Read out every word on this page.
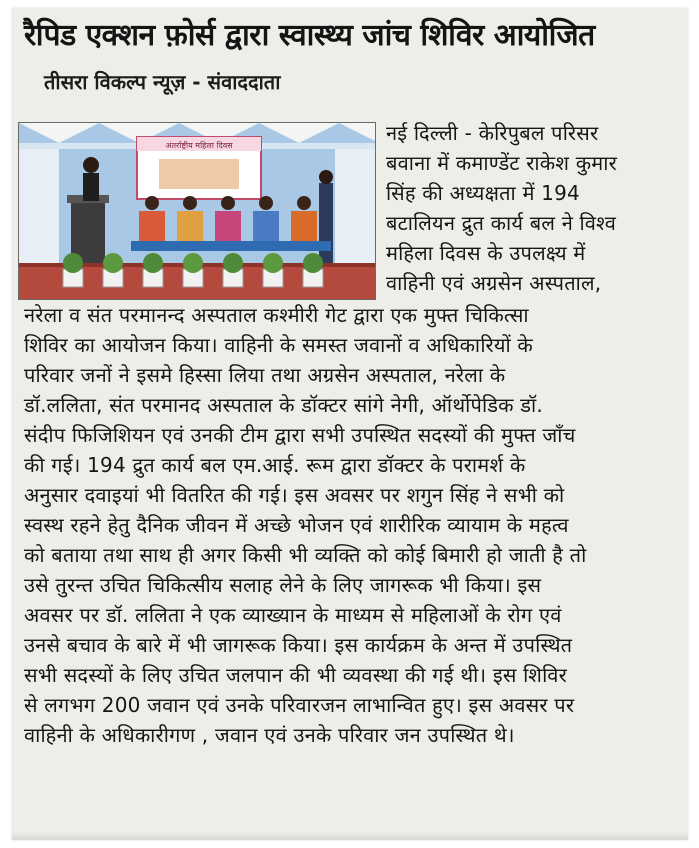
रैपिड एक्शन फ़ोर्स द्वारा स्वास्थ्य जांच शिविर आयोजित
तीसरा विकल्प न्यूज़ - संवाददाता
अंतर्राष्ट्रीय महिला दिवस
नई दिल्ली - केरिपुबल परिसर
बवाना में कमाण्डेंट राकेश कुमार
सिंह की अध्यक्षता में 194
बटालियन द्रुत कार्य बल ने विश्व
महिला दिवस के उपलक्ष्य में
वाहिनी एवं अग्रसेन अस्पताल,
नरेला व संत परमानन्द अस्पताल कश्मीरी गेट द्वारा एक मुफ्त चिकित्सा
शिविर का आयोजन किया। वाहिनी के समस्त जवानों व अधिकारियों के
परिवार जनों ने इसमे हिस्सा लिया तथा अग्रसेन अस्पताल, नरेला के
डॉ.ललिता, संत परमानद अस्पताल के डॉक्टर सांगे नेगी, ऑर्थोपेडिक डॉ.
संदीप फिजिशियन एवं उनकी टीम द्वारा सभी उपस्थित सदस्यों की मुफ्त जाँच
की गई। 194 द्रुत कार्य बल एम.आई. रूम द्वारा डॉक्टर के परामर्श के
अनुसार दवाइयां भी वितरित की गई। इस अवसर पर शगुन सिंह ने सभी को
स्वस्थ रहने हेतु दैनिक जीवन में अच्छे भोजन एवं शारीरिक व्यायाम के महत्व
को बताया तथा साथ ही अगर किसी भी व्यक्ति को कोई बिमारी हो जाती है तो
उसे तुरन्त उचित चिकित्सीय सलाह लेने के लिए जागरूक भी किया। इस
अवसर पर डॉ. ललिता ने एक व्याख्यान के माध्यम से महिलाओं के रोग एवं
उनसे बचाव के बारे में भी जागरूक किया। इस कार्यक्रम के अन्त में उपस्थित
सभी सदस्यों के लिए उचित जलपान की भी व्यवस्था की गई थी। इस शिविर
से लगभग 200 जवान एवं उनके परिवारजन लाभान्वित हुए। इस अवसर पर
वाहिनी के अधिकारीगण , जवान एवं उनके परिवार जन उपस्थित थे।
